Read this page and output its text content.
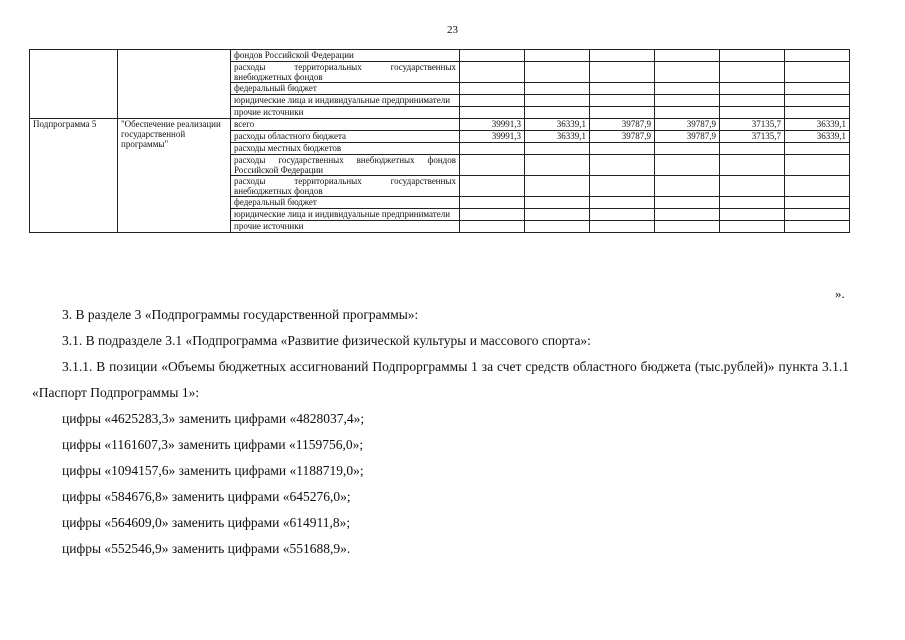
23
		фондов Российской Федерации						
		расходы территориальных государственных внебюджетных фондов						
		федеральный бюджет						
		юридические лица и индивидуальные предприниматели						
		прочие источники						
Подпрограмма 5	"Обеспечение реализации государственной программы"	всего	39991,3	36339,1	39787,9	39787,9	37135,7	36339,1
		расходы областного бюджета	39991,3	36339,1	39787,9	39787,9	37135,7	36339,1
		расходы местных бюджетов						
		расходы государственных внебюджетных фондов Российской Федерации						
		расходы территориальных государственных внебюджетных фондов						
		федеральный бюджет						
		юридические лица и индивидуальные предприниматели						
		прочие источники						
».
3. В разделе 3 «Подпрограммы государственной программы»:
3.1. В подразделе 3.1 «Подпрограмма «Развитие физической культуры и массового спорта»:
3.1.1. В позиции «Объемы бюджетных ассигнований Подпрорграммы 1 за счет средств областного бюджета (тыс.рублей)» пункта 3.1.1 «Паспорт Подпрограммы 1»:
цифры «4625283,3» заменить цифрами «4828037,4»;
цифры «1161607,3» заменить цифрами «1159756,0»;
цифры «1094157,6» заменить цифрами «1188719,0»;
цифры «584676,8» заменить цифрами «645276,0»;
цифры «564609,0» заменить цифрами «614911,8»;
цифры «552546,9» заменить цифрами «551688,9».
